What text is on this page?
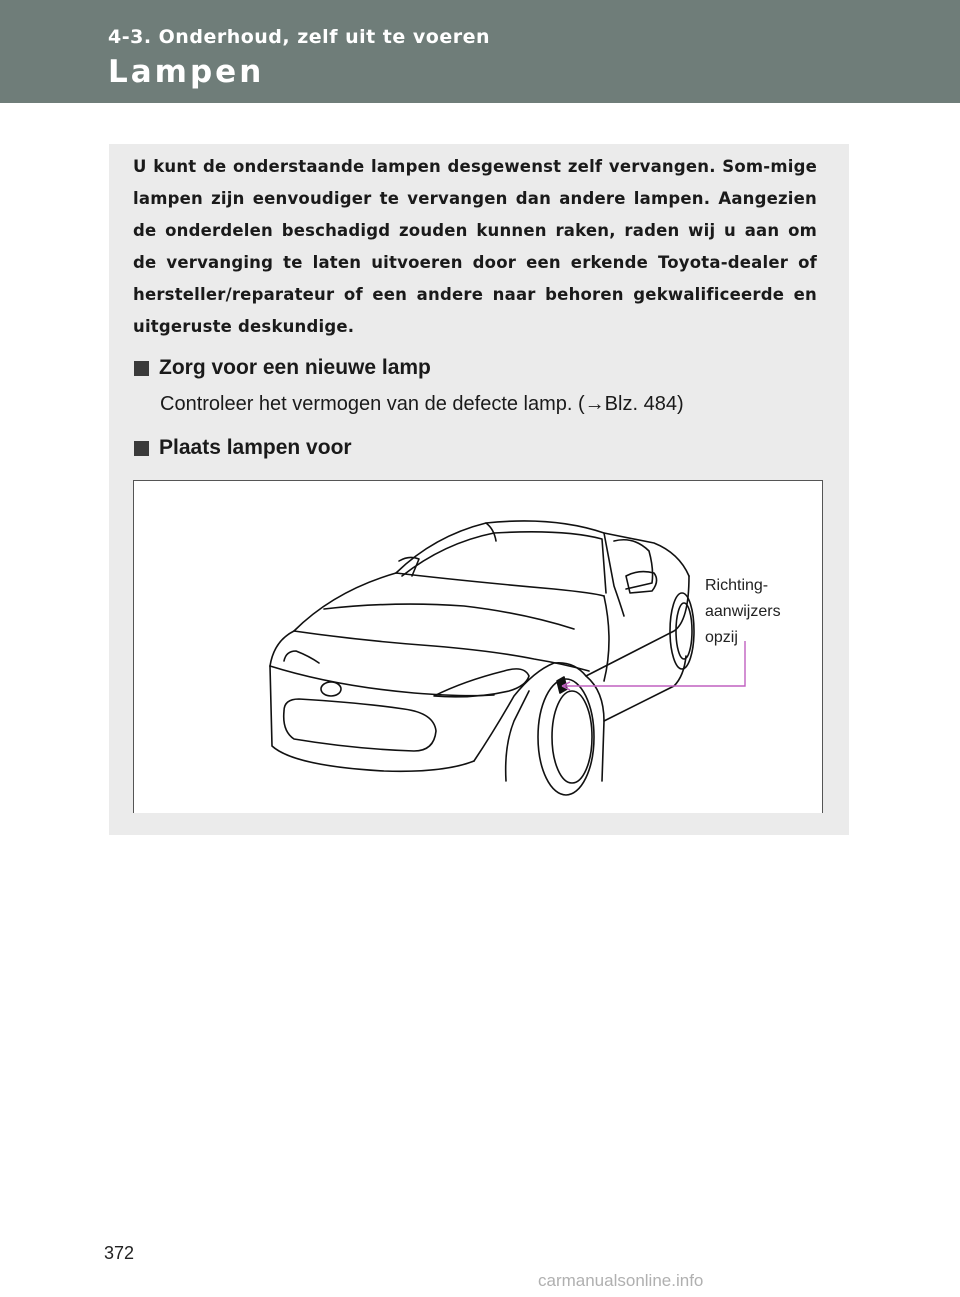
4-3. Onderhoud, zelf uit te voeren
Lampen
U kunt de onderstaande lampen desgewenst zelf vervangen. Som-mige lampen zijn eenvoudiger te vervangen dan andere lampen. Aangezien de onderdelen beschadigd zouden kunnen raken, raden wij u aan om de vervanging te laten uitvoeren door een erkende Toyota-dealer of hersteller/reparateur of een andere naar behoren gekwalificeerde en uitgeruste deskundige.
Zorg voor een nieuwe lamp
Controleer het vermogen van de defecte lamp. (→Blz. 484)
Plaats lampen voor
Richting-
aanwijzers
opzij
372
carmanualsonline.info
